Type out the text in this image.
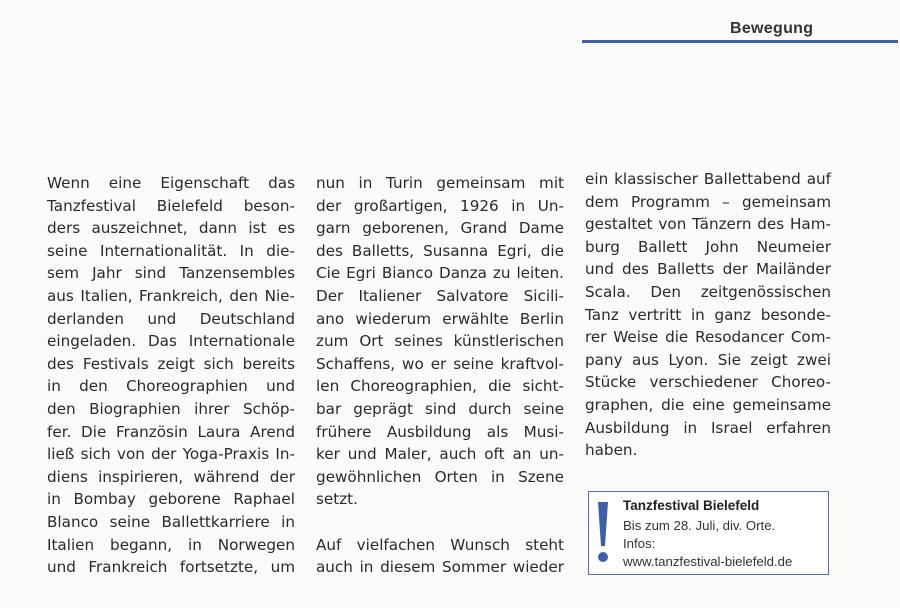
Bewegung
Wenn eine Eigenschaft das
Tanzfestival Bielefeld beson-
ders auszeichnet, dann ist es
seine Internationalität. In die-
sem Jahr sind Tanzensembles
aus Italien, Frankreich, den Nie-
derlanden und Deutschland
eingeladen. Das Internationale
des Festivals zeigt sich bereits
in den Choreographien und
den Biographien ihrer Schöp-
fer. Die Französin Laura Arend
ließ sich von der Yoga-Praxis In-
diens inspirieren, während der
in Bombay geborene Raphael
Blanco seine Ballettkarriere in
Italien begann, in Norwegen
und Frankreich fortsetzte, um
nun in Turin gemeinsam mit
der großartigen, 1926 in Un-
garn geborenen, Grand Dame
des Balletts, Susanna Egri, die
Cie Egri Bianco Danza zu leiten.
Der Italiener Salvatore Sicili-
ano wiederum erwählte Berlin
zum Ort seines künstlerischen
Schaffens, wo er seine kraftvol-
len Choreographien, die sicht-
bar geprägt sind durch seine
frühere Ausbildung als Musi-
ker und Maler, auch oft an un-
gewöhnlichen Orten in Szene
setzt.
Auf vielfachen Wunsch steht
auch in diesem Sommer wieder
ein klassischer Ballettabend auf
dem Programm – gemeinsam
gestaltet von Tänzern des Ham-
burg Ballett John Neumeier
und des Balletts der Mailänder
Scala. Den zeitgenössischen
Tanz vertritt in ganz besonde-
rer Weise die Resodancer Com-
pany aus Lyon. Sie zeigt zwei
Stücke verschiedener Choreo-
graphen, die eine gemeinsame
Ausbildung in Israel erfahren
haben.
Tanzfestival Bielefeld
Bis zum 28. Juli, div. Orte.
Infos:
www.tanzfestival-bielefeld.de
